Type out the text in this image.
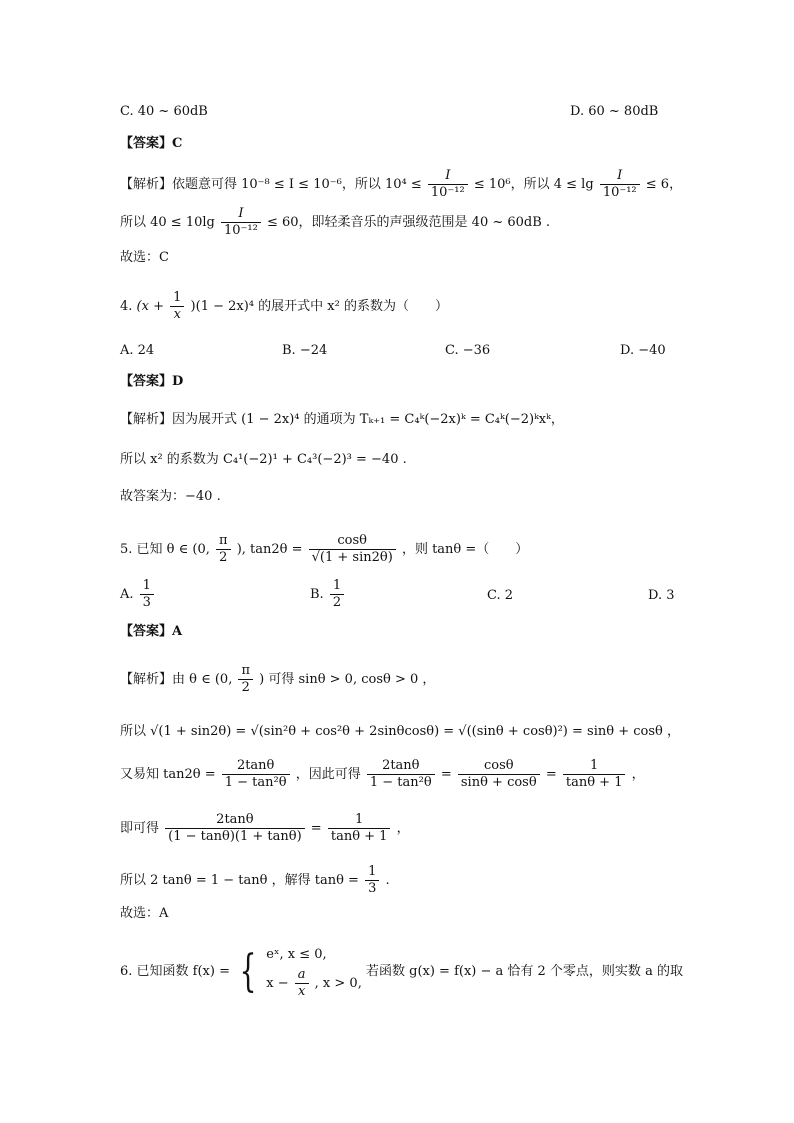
C. 40 ~ 60dB	D. 60 ~ 80dB
【答案】C
【解析】依题意可得 10⁻⁸ ≤ I ≤ 10⁻⁶，所以 $10^4 \le \frac{I}{\text{10⁻¹²}} \le 10^6$，所以 $4 \le \lg \frac{I}{\text{10⁻¹²}} \le 6$，
所以 $40 \le 10\lg \frac{I}{\text{10⁻¹²}} \le 60$，即轻柔音乐的声强级范围是 40 ~ 60dB .
故选：C
4. $(x + \frac{1}{x} )(1 - 2x)^4$ 的展开式中 x² 的系数为（　　）
A. 24	B. −24	C. −36	D. −40
【答案】D
【解析】因为展开式 (1 − 2x)⁴ 的通项为 Tₖ₊₁ = C₄ᵏ(−2x)ᵏ = C₄ᵏ(−2)ᵏxᵏ，
所以 x² 的系数为 C₄¹(−2)¹ + C₄³(−2)³ = −40 .
故答案为：−40 .
5. 已知 θ ∈ (0, $\frac{\pi}{2}$ ), $\tan 2\theta = \frac{\cos\theta}{√(1 + \sin 2\theta)}$ ，则 tanθ =（　　）
A. $\frac{1}{3}$	B. $\frac{1}{2}$	C. 2	D. 3
【答案】A
【解析】由 θ ∈ (0, $\frac{\pi}{2}$ ) 可得 sinθ > 0, cosθ > 0 ，
所以 √(1 + sin2θ) = √(sin²θ + cos²θ + 2sinθcosθ) = √((sinθ + cosθ)²) = sinθ + cosθ ，
又易知 $\tan 2\theta = \frac{2\tan\theta}{\text{1 − tan²θ}}$ ，因此可得 $\frac{2\tan\theta}{\text{1 − tan²θ}} = \frac{\cos\theta}{\sin\theta + \cos\theta} = \frac{1}{\tan\theta + 1}$ ，
即可得 $\frac{2\tan\theta}{(1 - \tan\theta)(1 + \tan\theta)} = \frac{1}{\tan\theta + 1}$ ，
所以 2 tanθ = 1 − tanθ ，解得 $\tan\theta = \frac{1}{3}$ .
故选：A
6. 已知函数 f(x) = { eˣ, x ≤ 0,
$x - \frac{a}{x}$ , x > 0,
若函数 g(x) = f(x) − a 恰有 2 个零点，则实数 a 的取
